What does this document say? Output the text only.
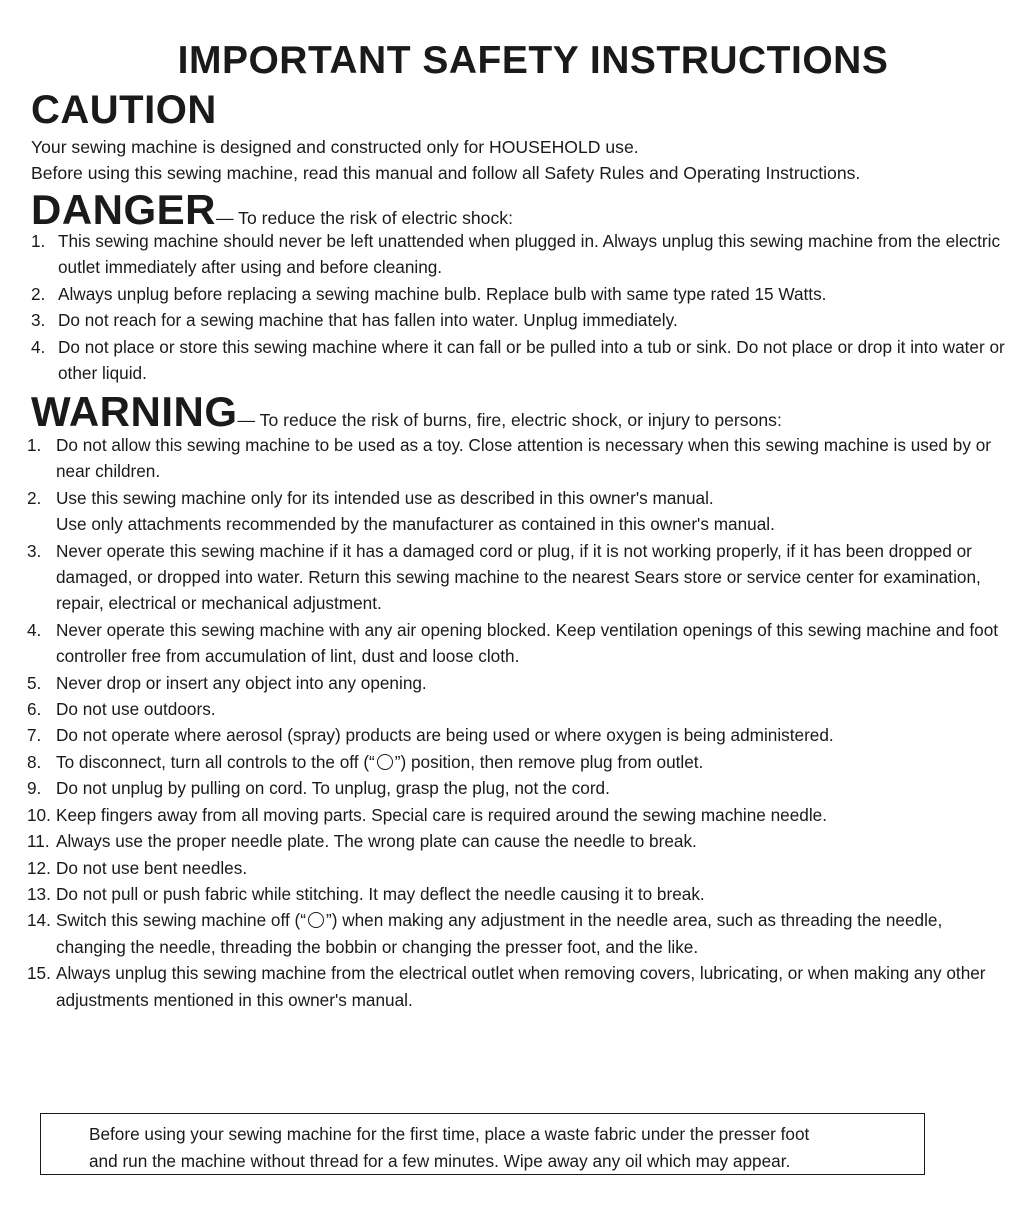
IMPORTANT SAFETY INSTRUCTIONS
CAUTION

Your sewing machine is designed and constructed only for HOUSEHOLD use.

Before using this sewing machine, read this manual and follow all Safety Rules and Operating Instructions.

DANGER— To reduce the risk of electric shock:
1. This sewing machine should never be left unattended when plugged in. Always unplug this sewing machine from the electric outlet immediately after using and before cleaning.
2. Always unplug before replacing a sewing machine bulb. Replace bulb with same type rated 15 Watts.
3. Do not reach for a sewing machine that has fallen into water. Unplug immediately.
4. Do not place or store this sewing machine where it can fall or be pulled into a tub or sink. Do not place or drop it into water or other liquid.
WARNING— To reduce the risk of burns, fire, electric shock, or injury to persons:
1. Do not allow this sewing machine to be used as a toy. Close attention is necessary when this sewing machine is used by or near children.
2. Use this sewing machine only for its intended use as described in this owner's manual.
Use only attachments recommended by the manufacturer as contained in this owner's manual.
3. Never operate this sewing machine if it has a damaged cord or plug, if it is not working properly, if it has been dropped or damaged, or dropped into water. Return this sewing machine to the nearest Sears store or service center for examination, repair, electrical or mechanical adjustment.
4. Never operate this sewing machine with any air opening blocked. Keep ventilation openings of this sewing machine and foot controller free from accumulation of lint, dust and loose cloth.
5. Never drop or insert any object into any opening.
6. Do not use outdoors.
7. Do not operate where aerosol (spray) products are being used or where oxygen is being administered.
8. To disconnect, turn all controls to the off (“ ”) position, then remove plug from outlet.
9. Do not unplug by pulling on cord. To unplug, grasp the plug, not the cord.
10. Keep fingers away from all moving parts. Special care is required around the sewing machine needle.
11. Always use the proper needle plate. The wrong plate can cause the needle to break.
12. Do not use bent needles.
13. Do not pull or push fabric while stitching. It may deflect the needle causing it to break.
14. Switch this sewing machine off (“ ”) when making any adjustment in the needle area, such as threading the needle, changing the needle, threading the bobbin or changing the presser foot, and the like.
15. Always unplug this sewing machine from the electrical outlet when removing covers, lubricating, or when making any other adjustments mentioned in this owner's manual.

Before using your sewing machine for the first time, place a waste fabric under the presser foot

and run the machine without thread for a few minutes. Wipe away any oil which may appear.
